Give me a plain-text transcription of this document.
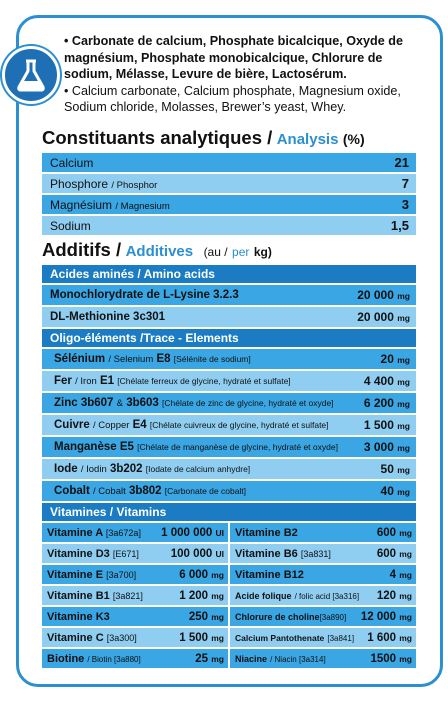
• Carbonate de calcium, Phosphate bicalcique, Oxyde de magnésium, Phosphate monobicalcique, Chlorure de sodium, Mélasse, Levure de bière, Lactosérum.

• Calcium carbonate, Calcium phosphate, Magnesium oxide, Sodium chloride, Molasses, Brewer’s yeast, Whey.

Constituants analytiques / Analysis (%)
Calcium	21
Phosphore / Phosphor	7
Magnésium / Magnesium	3
Sodium	1,5
Additifs / Additives (au / per kg)
Acides aminés / Amino acids
Monochlorydrate de L-Lysine 3.2.3	20 000 mg
DL-Methionine 3c301	20 000 mg
Oligo-éléments /Trace - Elements
Sélénium / Selenium E8 [Sélénite de sodium]	20 mg
Fer / Iron E1 [Chélate ferreux de glycine, hydraté et sulfate]	4 400 mg
Zinc 3b607 & 3b603 [Chélate de zinc de glycine, hydraté et oxyde]	6 200 mg
Cuivre / Copper E4 [Chélate cuivreux de glycine, hydraté et sulfate]	1 500 mg
Manganèse E5 [Chélate de manganèse de glycine, hydraté et oxyde] 3 000 mg
Iode / Iodin 3b202 [Iodate de calcium anhydre]	50 mg
Cobalt / Cobalt 3b802 [Carbonate de cobalt]	40 mg
Vitamines / Vitamins
Vitamine A [3a672a] 1 000 000 UI
Vitamine D3 [E671]	100 000 UI
Vitamine E [3a700]	6 000 mg
Vitamine B1 [3a821]	1 200 mg
Vitamine K3	250 mg
Vitamine C [3a300]	1 500 mg
Biotine / Biotin [3a880]	25 mg
Vitamine B2	600 mg
Vitamine B6 [3a831]	600 mg
Vitamine B12	4 mg
Acide folique / folic acid [3a316] 120 mg
Chlorure de choline[3a890] 12 000 mg
Calcium Pantothenate [3a841] 1 600 mg
Niacine / Niacin [3a314]	1500 mg
